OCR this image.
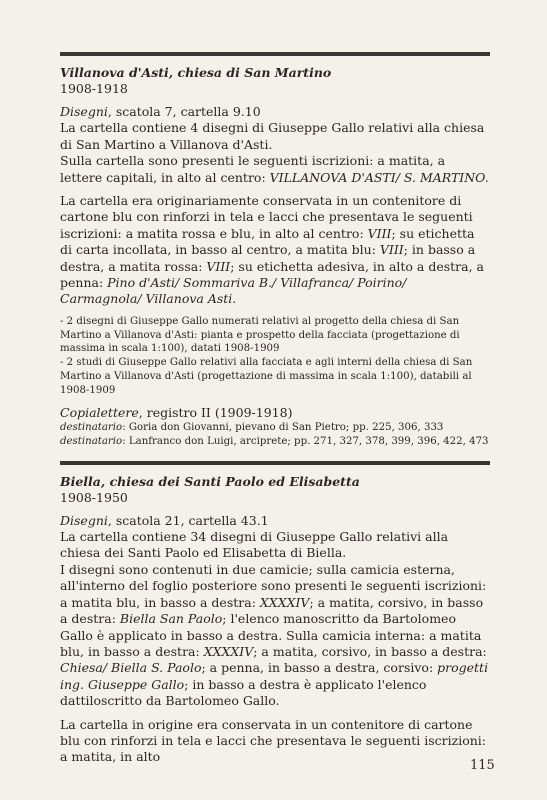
Villanova d'Asti, chiesa di San Martino

1908-1918

Disegni, scatola 7, cartella 9.10

La cartella contiene 4 disegni di Giuseppe Gallo relativi alla chiesa di San Martino a Villanova d'Asti.

Sulla cartella sono presenti le seguenti iscrizioni: a matita, a lettere capitali, in alto al centro: VILLANOVA D'ASTI/ S. MARTINO.

La cartella era originariamente conservata in un contenitore di cartone blu con rinforzi in tela e lacci che presentava le seguenti iscrizioni: a matita rossa e blu, in alto al centro: VIII; su etichetta di carta incollata, in basso al centro, a matita blu: VIII; in basso a destra, a matita rossa: VIII; su etichetta adesiva, in alto a destra, a penna: Pino d'Asti/ Sommariva B./ Villafranca/ Poirino/ Carmagnola/ Villanova Asti.

- 2 disegni di Giuseppe Gallo numerati relativi al progetto della chiesa di San Martino a Villanova d'Asti: pianta e prospetto della facciata (progettazione di massima in scala 1:100), datati 1908-1909

- 2 studi di Giuseppe Gallo relativi alla facciata e agli interni della chiesa di San Martino a Villanova d'Asti (progettazione di massima in scala 1:100), databili al 1908-1909

Copialettere, registro II (1909-1918)

destinatario: Goria don Giovanni, pievano di San Pietro; pp. 225, 306, 333

destinatario: Lanfranco don Luigi, arciprete; pp. 271, 327, 378, 399, 396, 422, 473

Biella, chiesa dei Santi Paolo ed Elisabetta

1908-1950

Disegni, scatola 21, cartella 43.1

La cartella contiene 34 disegni di Giuseppe Gallo relativi alla chiesa dei Santi Paolo ed Elisabetta di Biella.

I disegni sono contenuti in due camicie; sulla camicia esterna, all'interno del foglio posteriore sono presenti le seguenti iscrizioni: a matita blu, in basso a destra: XXXXIV; a matita, corsivo, in basso a destra: Biella San Paolo; l'elenco manoscritto da Bartolomeo Gallo è applicato in basso a destra. Sulla camicia interna: a matita blu, in basso a destra: XXXXIV; a matita, corsivo, in basso a destra: Chiesa/ Biella S. Paolo; a penna, in basso a destra, corsivo: progetti ing. Giuseppe Gallo; in basso a destra è applicato l'elenco dattiloscritto da Bartolomeo Gallo.

La cartella in origine era conservata in un contenitore di cartone blu con rinforzi in tela e lacci che presentava le seguenti iscrizioni: a matita, in alto

115
